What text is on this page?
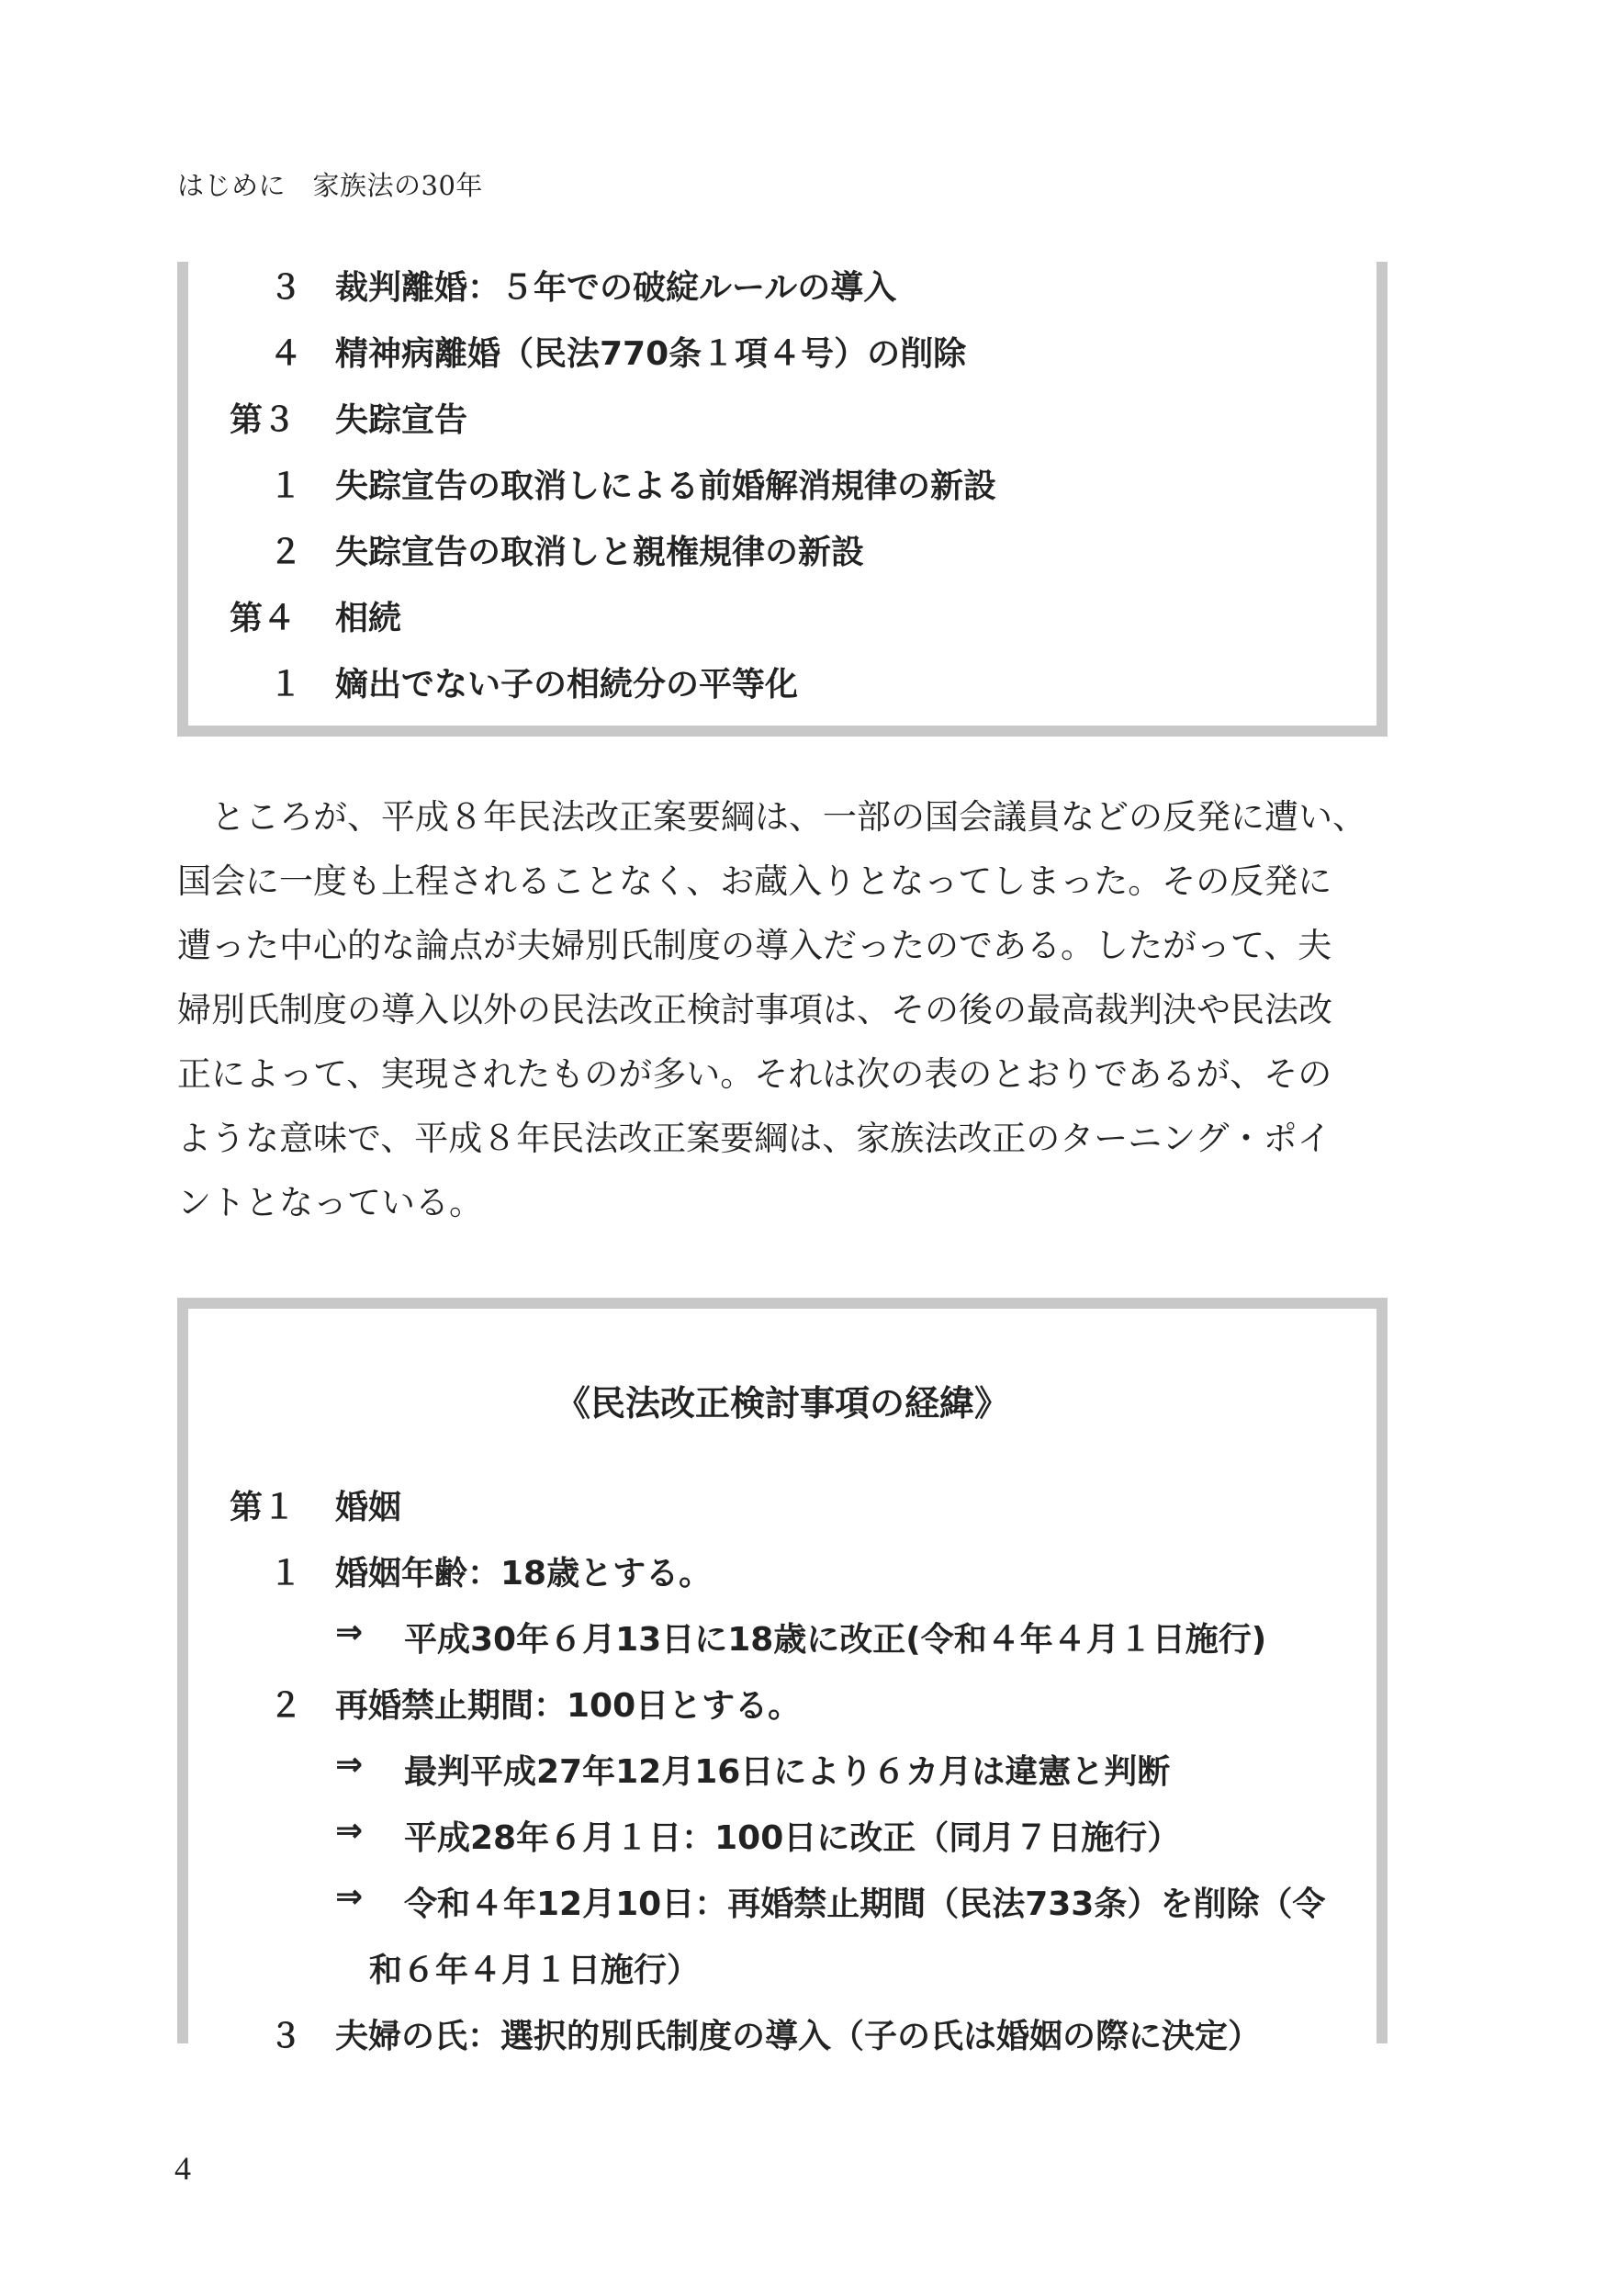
はじめに　家族法の30年
３ 裁判離婚：５年での破綻ルールの導入
４ 精神病離婚（民法770条１項４号）の削除
第３ 失踪宣告
１ 失踪宣告の取消しによる前婚解消規律の新設
２ 失踪宣告の取消しと親権規律の新設
第４ 相続
１ 嫡出でない子の相続分の平等化
　ところが、平成８年民法改正案要綱は、一部の国会議員などの反発に遭い、
国会に一度も上程されることなく、お蔵入りとなってしまった。その反発に
遭った中心的な論点が夫婦別氏制度の導入だったのである。したがって、夫
婦別氏制度の導入以外の民法改正検討事項は、その後の最高裁判決や民法改
正によって、実現されたものが多い。それは次の表のとおりであるが、その
ような意味で、平成８年民法改正案要綱は、家族法改正のターニング・ポイ
ントとなっている。
《民法改正検討事項の経緯》
第１ 婚姻
１ 婚姻年齢：18歳とする。
⇒ 平成30年６月13日に18歳に改正(令和４年４月１日施行)
２ 再婚禁止期間：100日とする。
⇒ 最判平成27年12月16日により６カ月は違憲と判断
⇒ 平成28年６月１日：100日に改正（同月７日施行）
⇒ 令和４年12月10日：再婚禁止期間（民法733条）を削除（令
和６年４月１日施行）
３ 夫婦の氏：選択的別氏制度の導入（子の氏は婚姻の際に決定）
4
